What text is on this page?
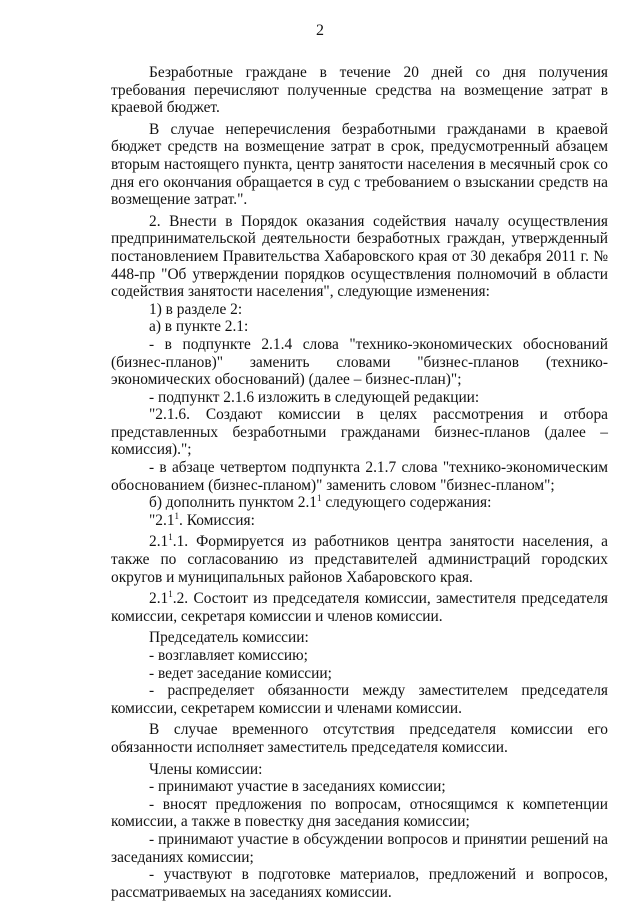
2

Безработные граждане в течение 20 дней со дня получения требования перечисляют полученные средства на возмещение затрат в краевой бюджет.

В случае неперечисления безработными гражданами в краевой бюджет средств на возмещение затрат в срок, предусмотренный абзацем вторым настоящего пункта, центр занятости населения в месячный срок со дня его окончания обращается в суд с требованием о взыскании средств на возмещение затрат.".

2. Внести в Порядок оказания содействия началу осуществления предпринимательской деятельности безработных граждан, утвержденный постановлением Правительства Хабаровского края от 30 декабря 2011 г. № 448-пр "Об утверждении порядков осуществления полномочий в области содействия занятости населения", следующие изменения:

1) в разделе 2:

а) в пункте 2.1:

- в подпункте 2.1.4 слова "технико-экономических обоснований (бизнес-планов)" заменить словами "бизнес-планов (технико-экономических обоснований) (далее – бизнес-план)";

- подпункт 2.1.6 изложить в следующей редакции:

"2.1.6. Создают комиссии в целях рассмотрения и отбора представленных безработными гражданами бизнес-планов (далее – комиссия).";

- в абзаце четвертом подпункта 2.1.7 слова "технико-экономическим обоснованием (бизнес-планом)" заменить словом "бизнес-планом";

б) дополнить пунктом $2.1^1$ следующего содержания:

"$2.1^1$. Комиссия:

$2.1^1.1$. Формируется из работников центра занятости населения, а также по согласованию из представителей администраций городских округов и муниципальных районов Хабаровского края.

$2.1^1.2$. Состоит из председателя комиссии, заместителя председателя комиссии, секретаря комиссии и членов комиссии.

Председатель комиссии:

- возглавляет комиссию;

- ведет заседание комиссии;

- распределяет обязанности между заместителем председателя комиссии, секретарем комиссии и членами комиссии.

В случае временного отсутствия председателя комиссии его обязанности исполняет заместитель председателя комиссии.

Члены комиссии:

- принимают участие в заседаниях комиссии;

- вносят предложения по вопросам, относящимся к компетенции комиссии, а также в повестку дня заседания комиссии;

- принимают участие в обсуждении вопросов и принятии решений на заседаниях комиссии;

- участвуют в подготовке материалов, предложений и вопросов, рассматриваемых на заседаниях комиссии.
